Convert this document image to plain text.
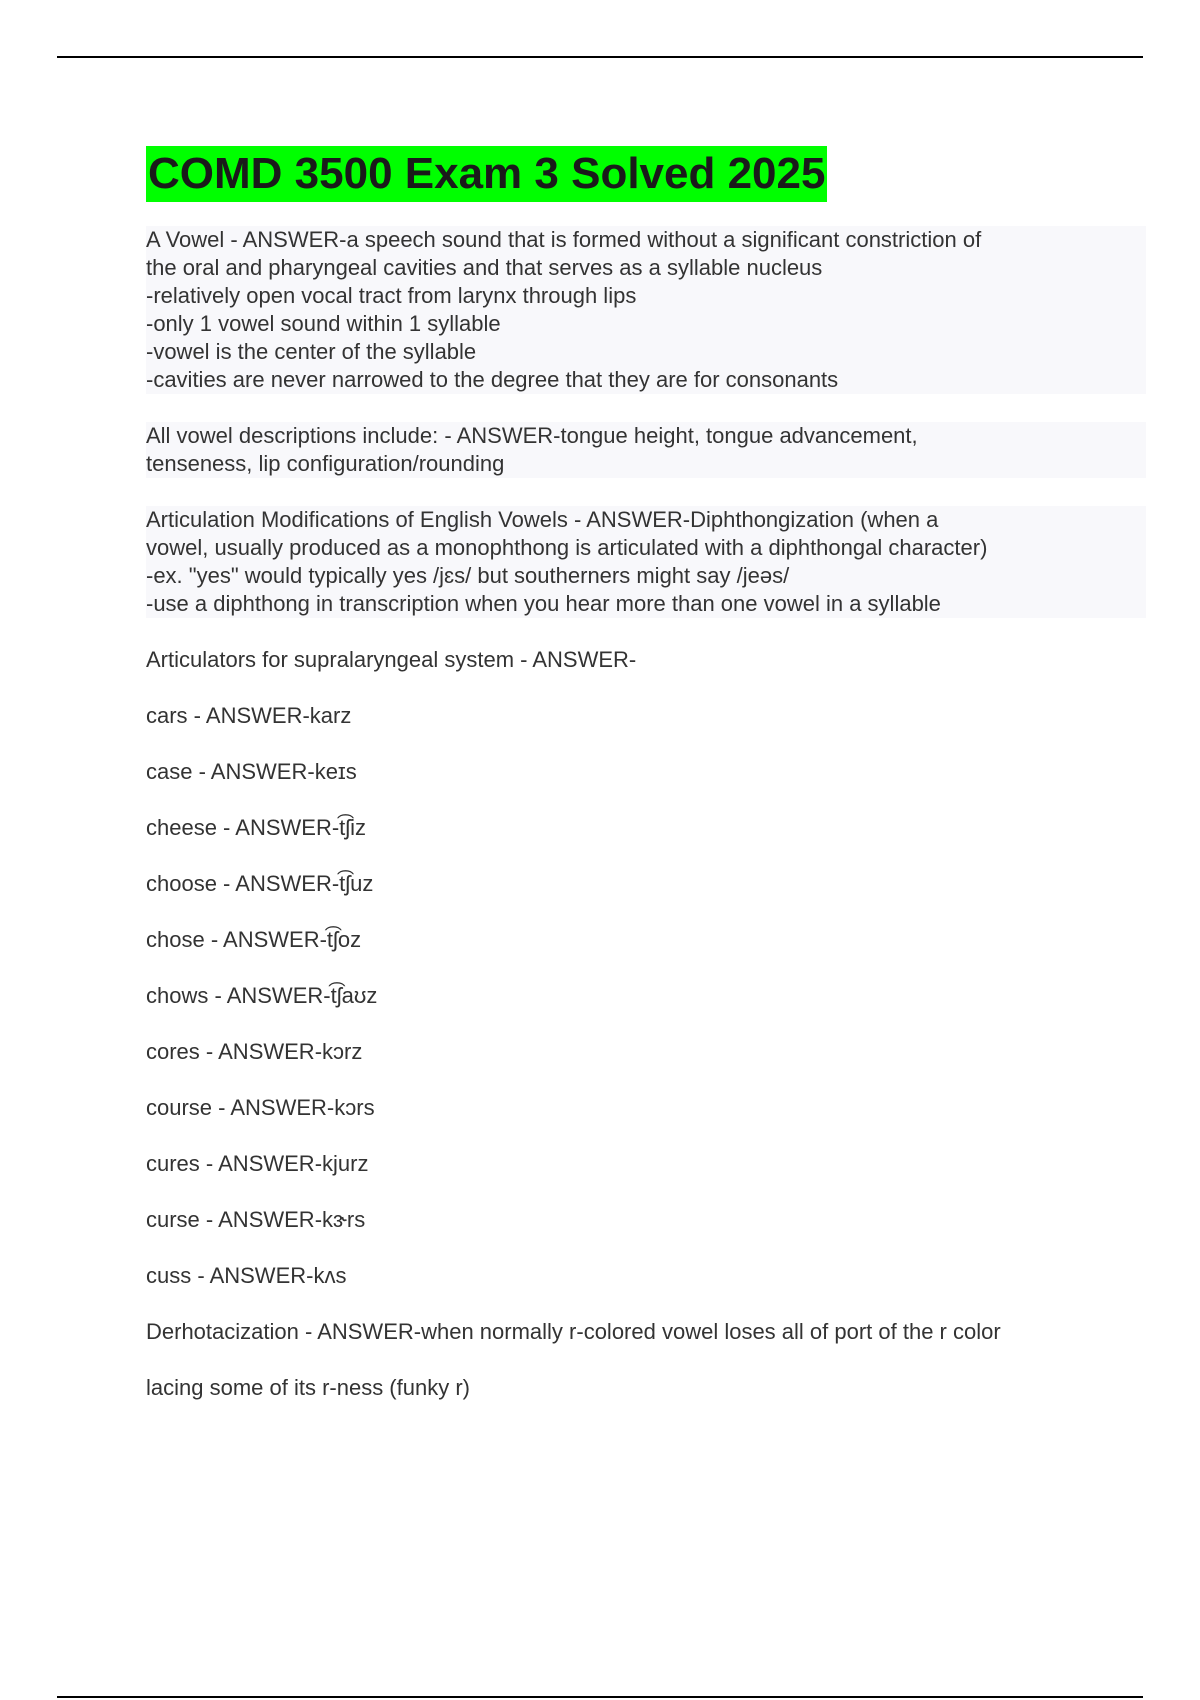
COMD 3500 Exam 3 Solved 2025
A Vowel - ANSWER-a speech sound that is formed without a significant constriction of
the oral and pharyngeal cavities and that serves as a syllable nucleus
-relatively open vocal tract from larynx through lips
-only 1 vowel sound within 1 syllable
-vowel is the center of the syllable
-cavities are never narrowed to the degree that they are for consonants
All vowel descriptions include: - ANSWER-tongue height, tongue advancement,
tenseness, lip configuration/rounding
Articulation Modifications of English Vowels - ANSWER-Diphthongization (when a
vowel, usually produced as a monophthong is articulated with a diphthongal character)
-ex. "yes" would typically yes /jɛs/ but southerners might say /jeəs/
-use a diphthong in transcription when you hear more than one vowel in a syllable
Articulators for supralaryngeal system - ANSWER-
cars - ANSWER-karz
case - ANSWER-keɪs
cheese - ANSWER-t͡ʃiz
choose - ANSWER-t͡ʃuz
chose - ANSWER-t͡ʃoz
chows - ANSWER-t͡ʃaʊz
cores - ANSWER-kɔrz
course - ANSWER-kɔrs
cures - ANSWER-kjurz
curse - ANSWER-kɝrs
cuss - ANSWER-kʌs
Derhotacization - ANSWER-when normally r-colored vowel loses all of port of the r color
lacing some of its r-ness (funky r)
